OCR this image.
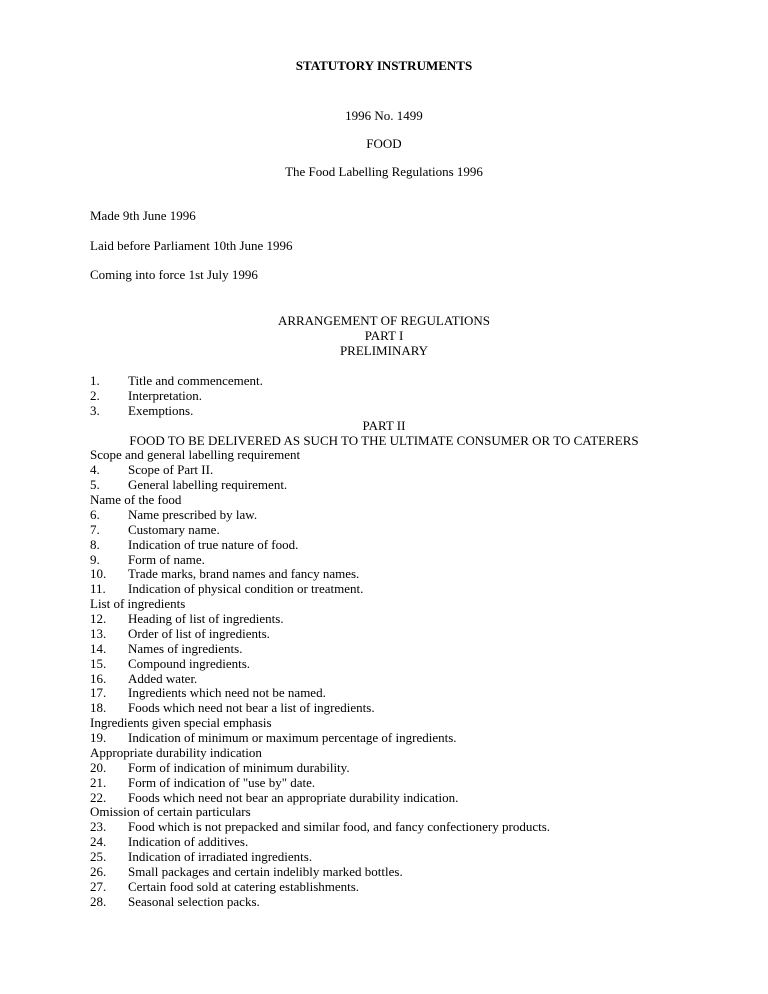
STATUTORY INSTRUMENTS
1996 No. 1499
FOOD
The Food Labelling Regulations 1996
Made 9th June 1996
Laid before Parliament 10th June 1996
Coming into force 1st July 1996
ARRANGEMENT OF REGULATIONS
PART I
PRELIMINARY
1. Title and commencement.
2. Interpretation.
3. Exemptions.
PART II
FOOD TO BE DELIVERED AS SUCH TO THE ULTIMATE CONSUMER OR TO CATERERS
Scope and general labelling requirement
4. Scope of Part II.
5. General labelling requirement.
Name of the food
6. Name prescribed by law.
7. Customary name.
8. Indication of true nature of food.
9. Form of name.
10. Trade marks, brand names and fancy names.
11. Indication of physical condition or treatment.
List of ingredients
12. Heading of list of ingredients.
13. Order of list of ingredients.
14. Names of ingredients.
15. Compound ingredients.
16. Added water.
17. Ingredients which need not be named.
18. Foods which need not bear a list of ingredients.
Ingredients given special emphasis
19. Indication of minimum or maximum percentage of ingredients.
Appropriate durability indication
20. Form of indication of minimum durability.
21. Form of indication of "use by" date.
22. Foods which need not bear an appropriate durability indication.
Omission of certain particulars
23. Food which is not prepacked and similar food, and fancy confectionery products.
24. Indication of additives.
25. Indication of irradiated ingredients.
26. Small packages and certain indelibly marked bottles.
27. Certain food sold at catering establishments.
28. Seasonal selection packs.
